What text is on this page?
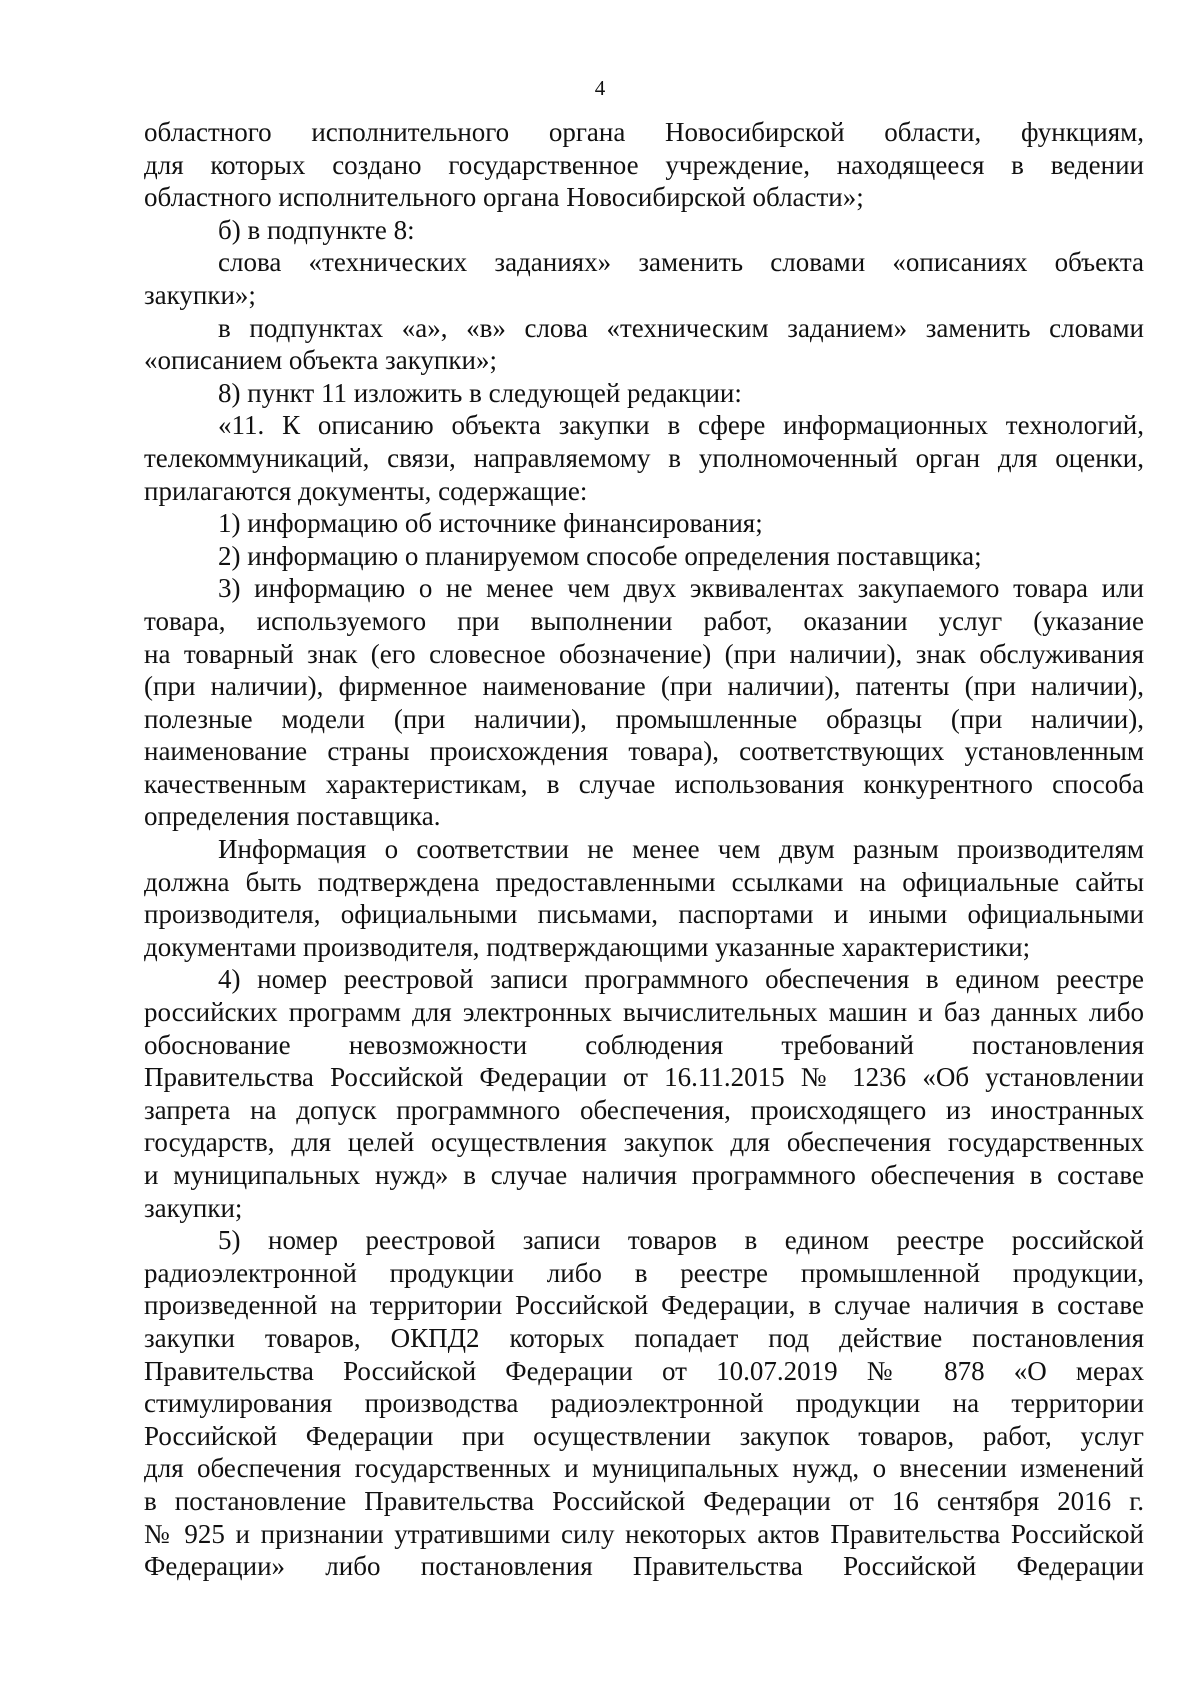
4
областного исполнительного органа Новосибирской области, функциям,
для которых создано государственное учреждение, находящееся в ведении
областного исполнительного органа Новосибирской области»;
б) в подпункте 8:
слова «технических заданиях» заменить словами «описаниях объекта
закупки»;
в подпунктах «а», «в» слова «техническим заданием» заменить словами
«описанием объекта закупки»;
8) пункт 11 изложить в следующей редакции:
«11. К описанию объекта закупки в сфере информационных технологий,
телекоммуникаций, связи, направляемому в уполномоченный орган для оценки,
прилагаются документы, содержащие:
1) информацию об источнике финансирования;
2) информацию о планируемом способе определения поставщика;
3) информацию о не менее чем двух эквивалентах закупаемого товара или
товара, используемого при выполнении работ, оказании услуг (указание
на товарный знак (его словесное обозначение) (при наличии), знак обслуживания
(при наличии), фирменное наименование (при наличии), патенты (при наличии),
полезные модели (при наличии), промышленные образцы (при наличии),
наименование страны происхождения товара), соответствующих установленным
качественным характеристикам, в случае использования конкурентного способа
определения поставщика.
Информация о соответствии не менее чем двум разным производителям
должна быть подтверждена предоставленными ссылками на официальные сайты
производителя, официальными письмами, паспортами и иными официальными
документами производителя, подтверждающими указанные характеристики;
4) номер реестровой записи программного обеспечения в едином реестре
российских программ для электронных вычислительных машин и баз данных либо
обоснование невозможности соблюдения требований постановления
Правительства Российской Федерации от 16.11.2015 № 1236 «Об установлении
запрета на допуск программного обеспечения, происходящего из иностранных
государств, для целей осуществления закупок для обеспечения государственных
и муниципальных нужд» в случае наличия программного обеспечения в составе
закупки;
5) номер реестровой записи товаров в едином реестре российской
радиоэлектронной продукции либо в реестре промышленной продукции,
произведенной на территории Российской Федерации, в случае наличия в составе
закупки товаров, ОКПД2 которых попадает под действие постановления
Правительства Российской Федерации от 10.07.2019 № 878 «О мерах
стимулирования производства радиоэлектронной продукции на территории
Российской Федерации при осуществлении закупок товаров, работ, услуг
для обеспечения государственных и муниципальных нужд, о внесении изменений
в постановление Правительства Российской Федерации от 16 сентября 2016 г.
№ 925 и признании утратившими силу некоторых актов Правительства Российской
Федерации» либо постановления Правительства Российской Федерации
